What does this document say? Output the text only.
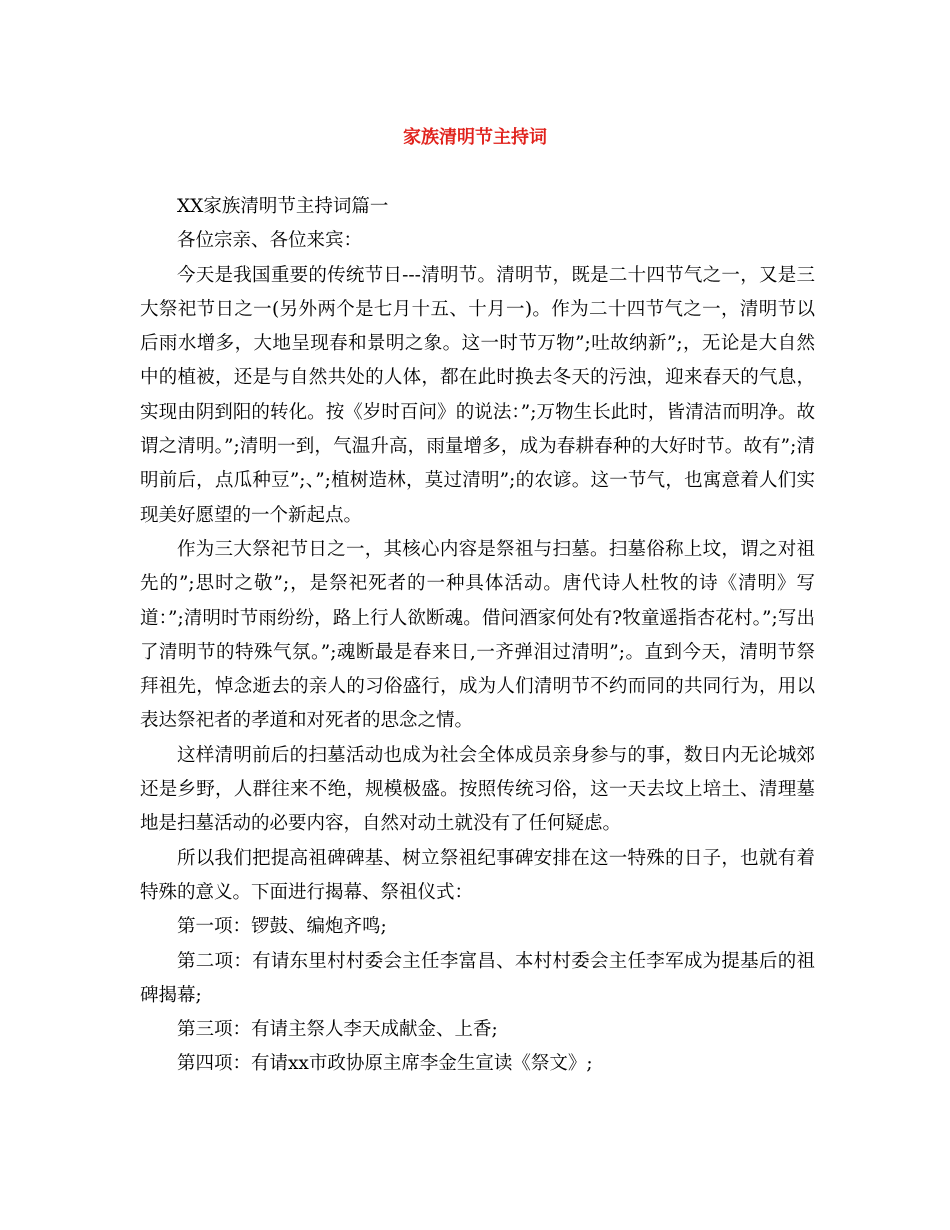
家族清明节主持词

XX家族清明节主持词篇一

各位宗亲、各位来宾：

今天是我国重要的传统节日---清明节。清明节，既是二十四节气之一，又是三大祭祀节日之一(另外两个是七月十五、十月一)。作为二十四节气之一，清明节以后雨水增多，大地呈现春和景明之象。这一时节万物”;吐故纳新”;，无论是大自然中的植被，还是与自然共处的人体，都在此时换去冬天的污浊，迎来春天的气息，实现由阴到阳的转化。按《岁时百问》的说法：”;万物生长此时，皆清洁而明净。故谓之清明。”;清明一到，气温升高，雨量增多，成为春耕春种的大好时节。故有”;清明前后，点瓜种豆”;、”;植树造林，莫过清明”;的农谚。这一节气，也寓意着人们实现美好愿望的一个新起点。

作为三大祭祀节日之一，其核心内容是祭祖与扫墓。扫墓俗称上坟，谓之对祖先的”;思时之敬”;，是祭祀死者的一种具体活动。唐代诗人杜牧的诗《清明》写道：”;清明时节雨纷纷，路上行人欲断魂。借问酒家何处有?牧童遥指杏花村。”;写出了清明节的特殊气氛。”;魂断最是春来日,一齐弹泪过清明”;。直到今天，清明节祭拜祖先，悼念逝去的亲人的习俗盛行，成为人们清明节不约而同的共同行为，用以表达祭祀者的孝道和对死者的思念之情。

这样清明前后的扫墓活动也成为社会全体成员亲身参与的事，数日内无论城郊还是乡野，人群往来不绝，规模极盛。按照传统习俗，这一天去坟上培土、清理墓地是扫墓活动的必要内容，自然对动土就没有了任何疑虑。

所以我们把提高祖碑碑基、树立祭祖纪事碑安排在这一特殊的日子，也就有着特殊的意义。下面进行揭幕、祭祖仪式：

第一项：锣鼓、编炮齐鸣;

第二项：有请东里村村委会主任李富昌、本村村委会主任李军成为提基后的祖碑揭幕;

第三项：有请主祭人李天成献金、上香;

第四项：有请xx市政协原主席李金生宣读《祭文》;
